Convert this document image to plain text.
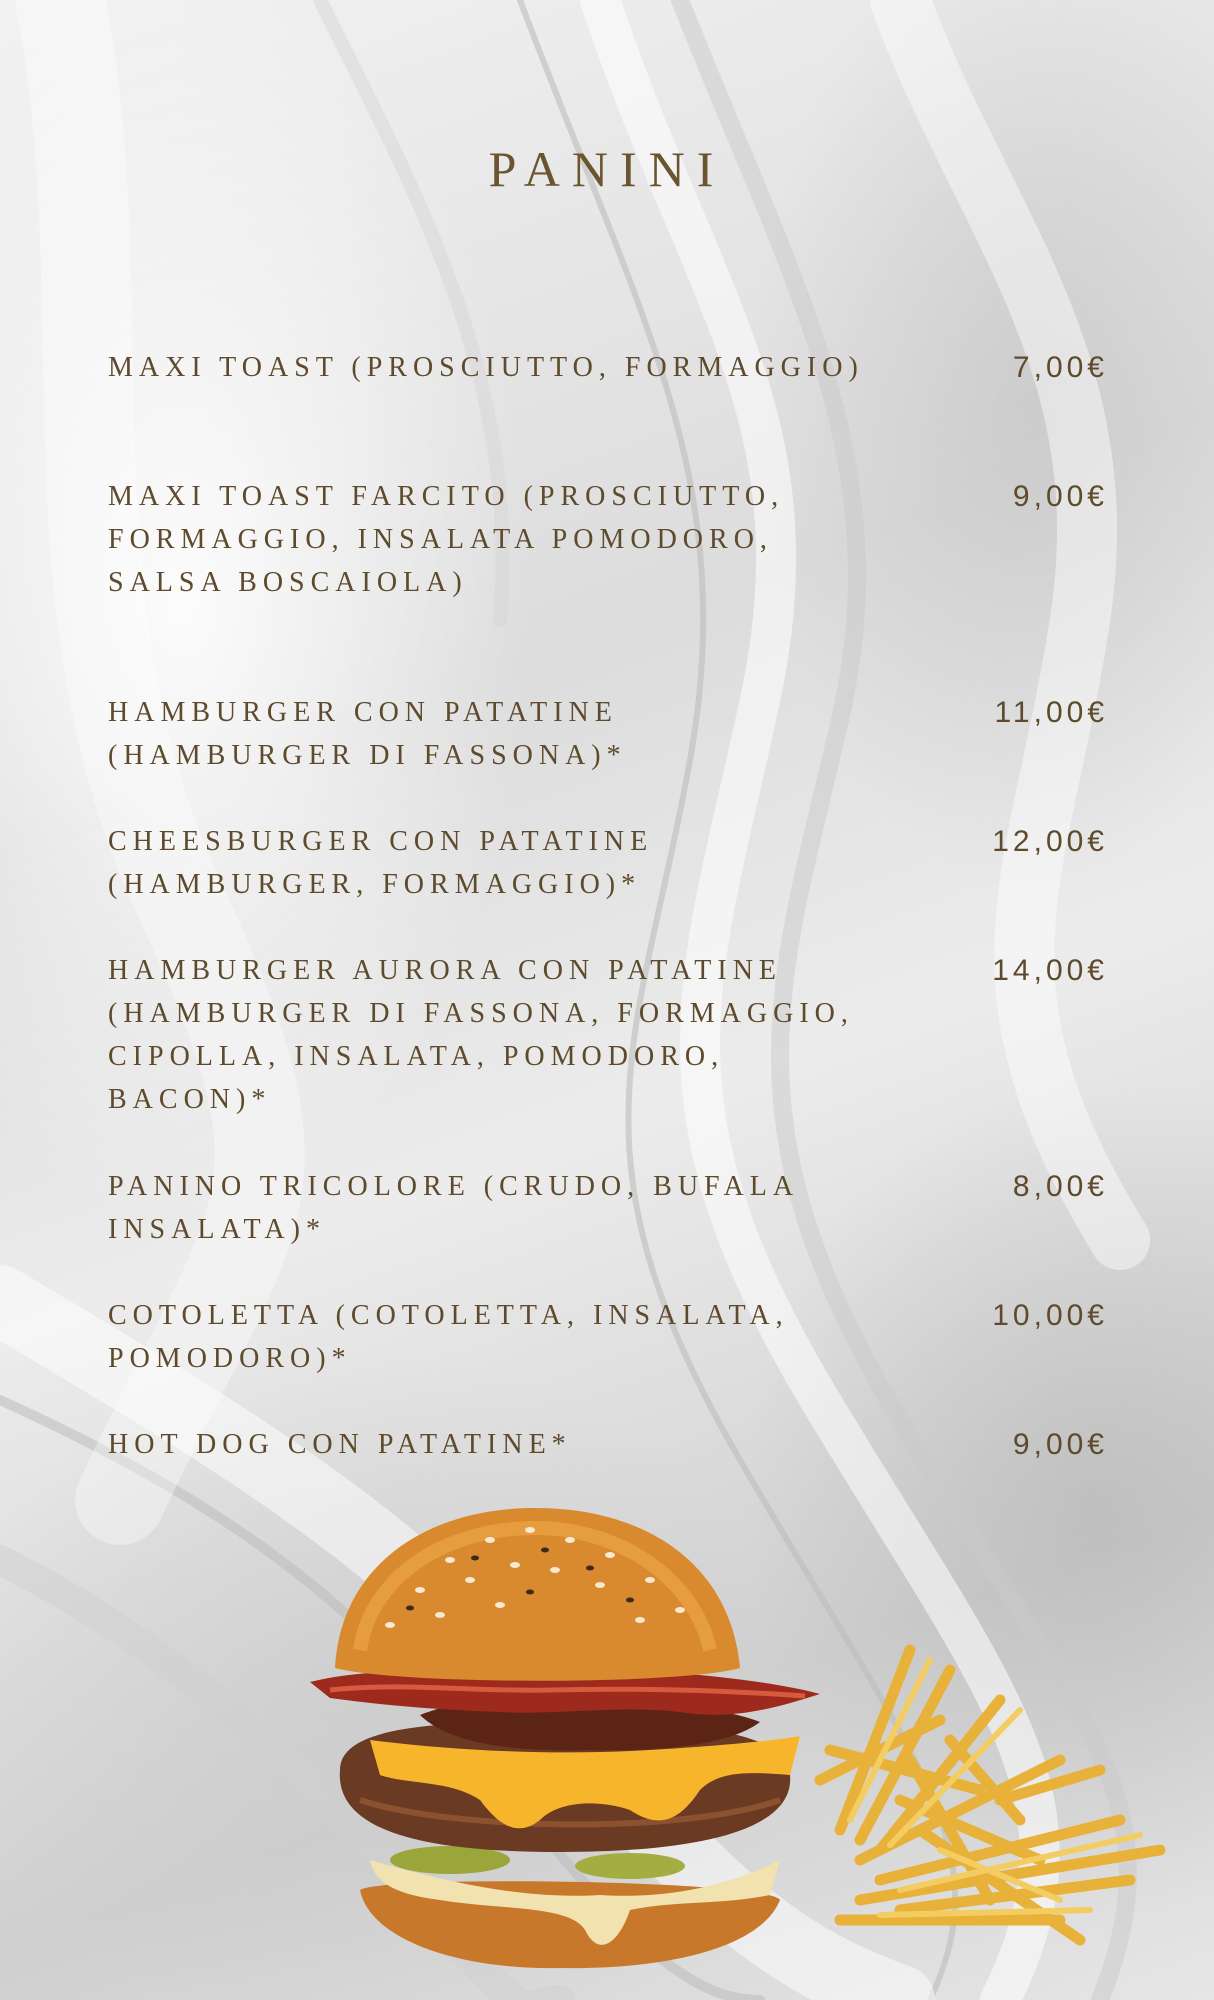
PANINI
MAXI TOAST (PROSCIUTTO, FORMAGGIO)	7,00€
MAXI TOAST FARCITO (PROSCIUTTO, FORMAGGIO, INSALATA POMODORO, SALSA BOSCAIOLA)
9,00€
HAMBURGER CON PATATINE (HAMBURGER DI FASSONA)*
11,00€
CHEESBURGER CON PATATINE (HAMBURGER, FORMAGGIO)*
12,00€
HAMBURGER AURORA CON PATATINE (HAMBURGER DI FASSONA, FORMAGGIO, CIPOLLA, INSALATA, POMODORO, BACON)*
14,00€
PANINO TRICOLORE (CRUDO, BUFALA INSALATA)*
8,00€
COTOLETTA (COTOLETTA, INSALATA, POMODORO)*
10,00€
HOT DOG CON PATATINE*	9,00€
